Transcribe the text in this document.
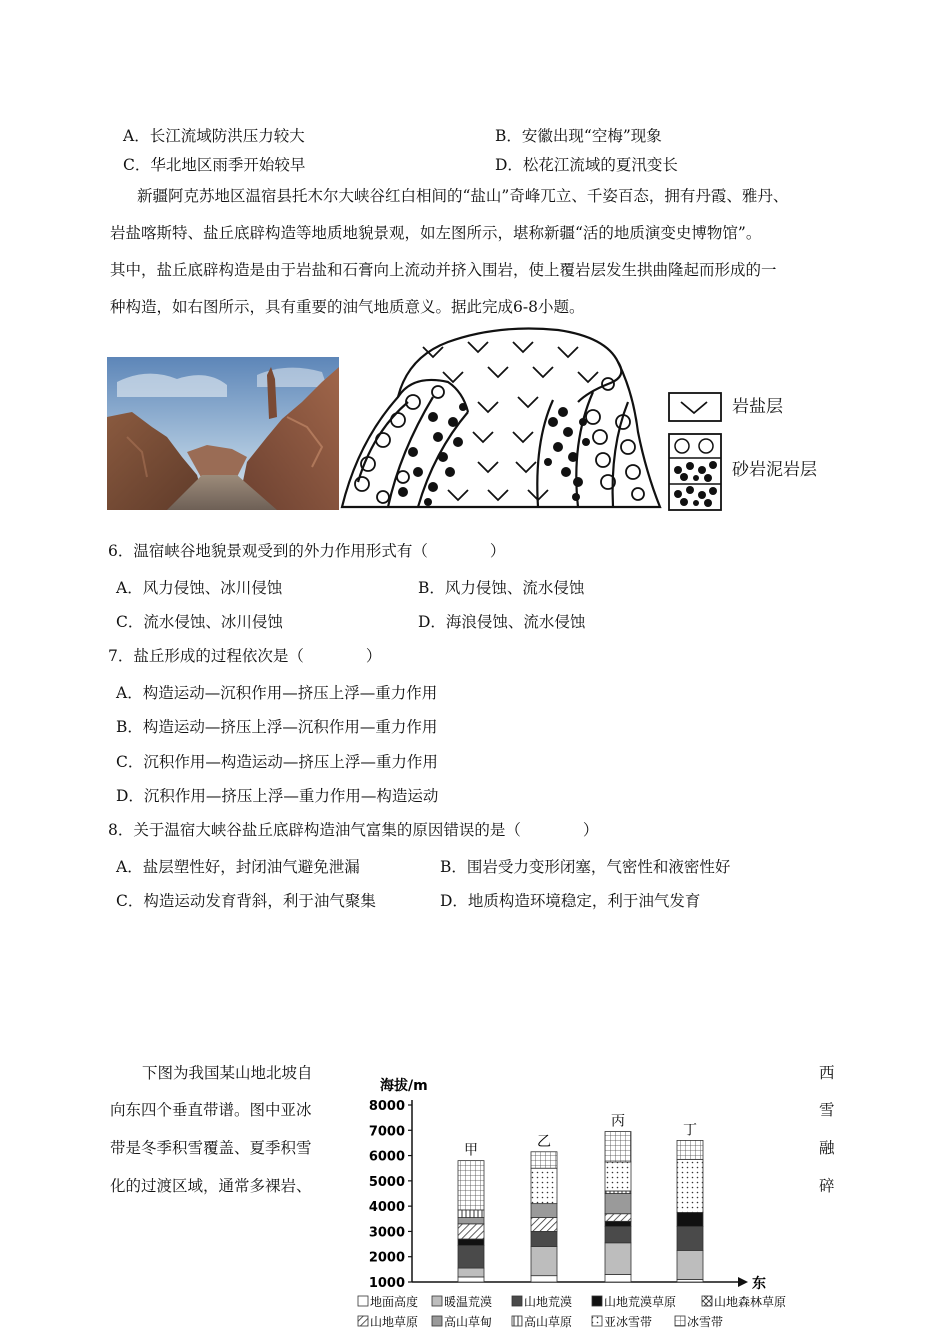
A．长江流域防洪压力较大	B．安徽出现“空梅”现象
C．华北地区雨季开始较早	D．松花江流域的夏汛变长
新疆阿克苏地区温宿县托木尔大峡谷红白相间的“盐山”奇峰兀立、千姿百态，拥有丹霞、雅丹、
岩盐喀斯特、盐丘底辟构造等地质地貌景观，如左图所示，堪称新疆“活的地质演变史博物馆”。
其中，盐丘底辟构造是由于岩盐和石膏向上流动并挤入围岩，使上覆岩层发生拱曲隆起而形成的一
种构造，如右图所示，具有重要的油气地质意义。据此完成6-8小题。
岩盐层
砂岩泥岩层
6．温宿峡谷地貌景观受到的外力作用形式有（　　　　）
A．风力侵蚀、冰川侵蚀	B．风力侵蚀、流水侵蚀
C．流水侵蚀、冰川侵蚀	D．海浪侵蚀、流水侵蚀
7．盐丘形成的过程依次是（　　　　）
A．构造运动—沉积作用—挤压上浮—重力作用
B．构造运动—挤压上浮—沉积作用—重力作用
C．沉积作用—构造运动—挤压上浮—重力作用
D．沉积作用—挤压上浮—重力作用—构造运动
8．关于温宿大峡谷盐丘底辟构造油气富集的原因错误的是（　　　　）
A．盐层塑性好，封闭油气避免泄漏	B．围岩受力变形闭塞，气密性和液密性好
C．构造运动发育背斜，利于油气聚集	D．地质构造环境稳定，利于油气发育
下图为我国某山地北坡自
向东四个垂直带谱。图中亚冰
带是冬季积雪覆盖、夏季积雪
化的过渡区域，通常多裸岩、
西
雪
融
碎
海拔/m
东
1000
2000
3000
4000
5000
6000
7000
8000
甲
乙
丙
丁
地面高度 暖温荒漠	山地荒漠	山地荒漠草原	山地森林草原
山地草原 高山草甸	高山草原	亚冰雪带	冰雪带
